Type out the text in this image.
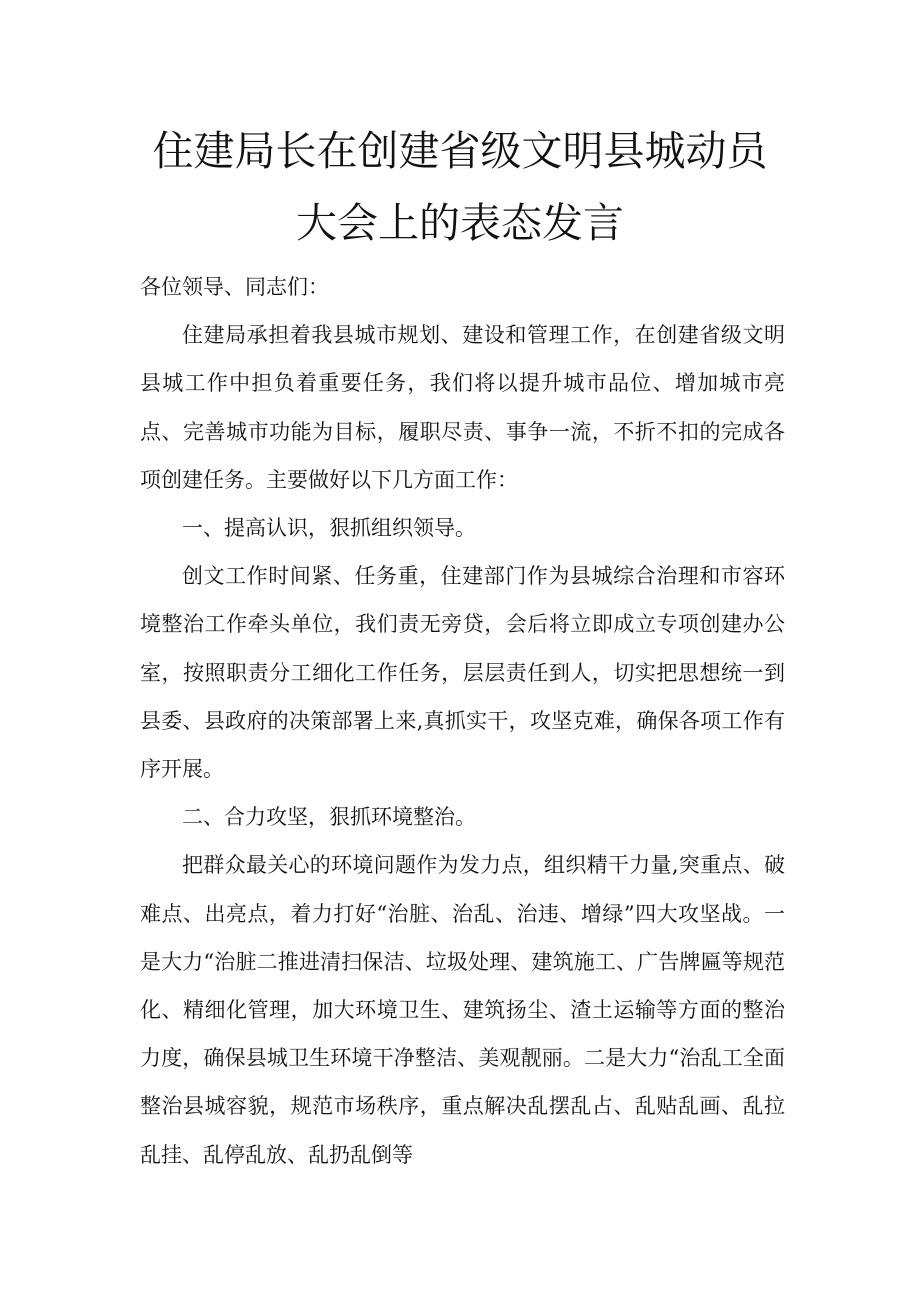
住建局长在创建省级文明县城动员
大会上的表态发言

各位领导、同志们：

住建局承担着我县城市规划、建设和管理工作，在创建省级文明县城工作中担负着重要任务，我们将以提升城市品位、增加城市亮点、完善城市功能为目标，履职尽责、事争一流，不折不扣的完成各项创建任务。主要做好以下几方面工作：

一、提高认识，狠抓组织领导。

创文工作时间紧、任务重，住建部门作为县城综合治理和市容环境整治工作牵头单位，我们责无旁贷，会后将立即成立专项创建办公室，按照职责分工细化工作任务，层层责任到人，切实把思想统一到县委、县政府的决策部署上来,真抓实干，攻坚克难，确保各项工作有序开展。

二、合力攻坚，狠抓环境整治。

把群众最关心的环境问题作为发力点，组织精干力量,突重点、破难点、出亮点，着力打好“治脏、治乱、治违、增绿”四大攻坚战。一是大力“治脏二推进清扫保洁、垃圾处理、建筑施工、广告牌匾等规范化、精细化管理，加大环境卫生、建筑扬尘、渣土运输等方面的整治力度，确保县城卫生环境干净整洁、美观靓丽。二是大力“治乱工全面整治县城容貌，规范市场秩序，重点解决乱摆乱占、乱贴乱画、乱拉乱挂、乱停乱放、乱扔乱倒等
